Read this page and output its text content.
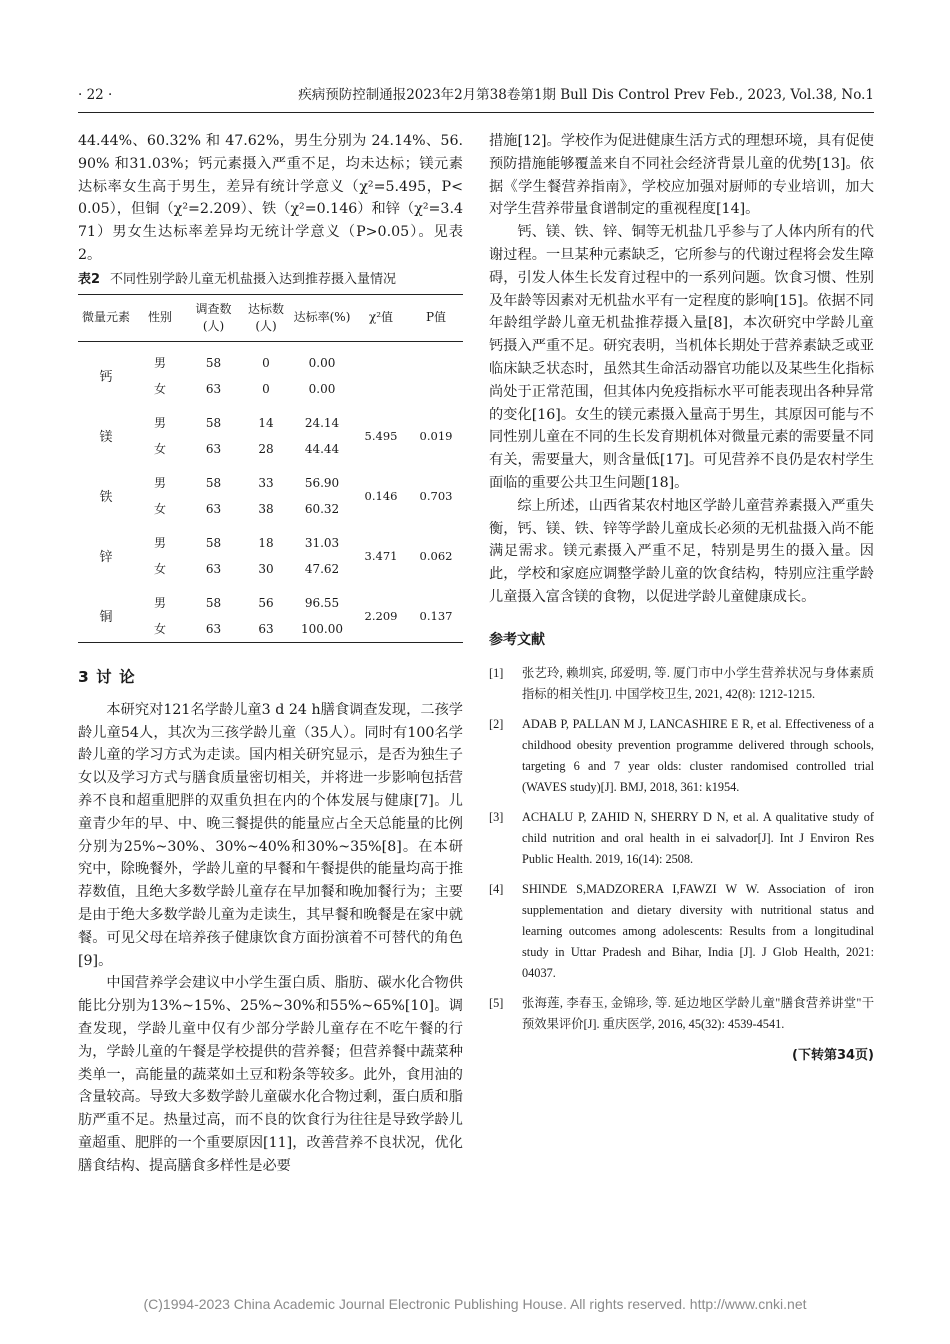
· 22 ·	疾病预防控制通报2023年2月第38卷第1期 Bull Dis Control Prev Feb., 2023, Vol.38, No.1

44.44%、60.32% 和 47.62%，男生分别为 24.14%、56.90% 和31.03%；钙元素摄入严重不足，均未达标；镁元素达标率女生高于男生，差异有统计学意义（χ²=5.495，P<0.05），但铜（χ²=2.209）、铁（χ²=0.146）和锌（χ²=3.471）男女生达标率差异均无统计学意义（P>0.05）。见表2。

表2 不同性别学龄儿童无机盐摄入达到推荐摄入量情况
微量元素	性别	调查数(人)	达标数(人)	达标率(%)	χ²值	P值

钙	男	58	0	0.00		
	女	63	0	0.00		

镁	男	58	14	24.14	5.495	0.019
	女	63	28	44.44		

铁	男	58	33	56.90	0.146	0.703
	女	63	38	60.32		

锌	男	58	18	31.03	3.471	0.062
	女	63	30	47.62		

铜	男	58	56	96.55	2.209	0.137
	女	63	63	100.00		
3 讨 论

本研究对121名学龄儿童3 d 24 h膳食调查发现，二孩学龄儿童54人，其次为三孩学龄儿童（35人）。同时有100名学龄儿童的学习方式为走读。国内相关研究显示，是否为独生子女以及学习方式与膳食质量密切相关，并将进一步影响包括营养不良和超重肥胖的双重负担在内的个体发展与健康[7]。儿童青少年的早、中、晚三餐提供的能量应占全天总能量的比例分别为25%~30%、30%~40%和30%~35%[8]。在本研究中，除晚餐外，学龄儿童的早餐和午餐提供的能量均高于推荐数值，且绝大多数学龄儿童存在早加餐和晚加餐行为；主要是由于绝大多数学龄儿童为走读生，其早餐和晚餐是在家中就餐。可见父母在培养孩子健康饮食方面扮演着不可替代的角色[9]。

中国营养学会建议中小学生蛋白质、脂肪、碳水化合物供能比分别为13%~15%、25%~30%和55%~65%[10]。调查发现，学龄儿童中仅有少部分学龄儿童存在不吃午餐的行为，学龄儿童的午餐是学校提供的营养餐；但营养餐中蔬菜种类单一，高能量的蔬菜如土豆和粉条等较多。此外，食用油的含量较高。导致大多数学龄儿童碳水化合物过剩，蛋白质和脂肪严重不足。热量过高，而不良的饮食行为往往是导致学龄儿童超重、肥胖的一个重要原因[11]，改善营养不良状况，优化膳食结构、提高膳食多样性是必要

措施[12]。学校作为促进健康生活方式的理想环境，具有促使预防措施能够覆盖来自不同社会经济背景儿童的优势[13]。依据《学生餐营养指南》，学校应加强对厨师的专业培训，加大对学生营养带量食谱制定的重视程度[14]。

钙、镁、铁、锌、铜等无机盐几乎参与了人体内所有的代谢过程。一旦某种元素缺乏，它所参与的代谢过程将会发生障碍，引发人体生长发育过程中的一系列问题。饮食习惯、性别及年龄等因素对无机盐水平有一定程度的影响[15]。依据不同年龄组学龄儿童无机盐推荐摄入量[8]，本次研究中学龄儿童钙摄入严重不足。研究表明，当机体长期处于营养素缺乏或亚临床缺乏状态时，虽然其生命活动器官功能以及某些生化指标尚处于正常范围，但其体内免疫指标水平可能表现出各种异常的变化[16]。女生的镁元素摄入量高于男生，其原因可能与不同性别儿童在不同的生长发育期机体对微量元素的需要量不同有关，需要量大，则含量低[17]。可见营养不良仍是农村学生面临的重要公共卫生问题[18]。

综上所述，山西省某农村地区学龄儿童营养素摄入严重失衡，钙、镁、铁、锌等学龄儿童成长必须的无机盐摄入尚不能满足需求。镁元素摄入严重不足，特别是男生的摄入量。因此，学校和家庭应调整学龄儿童的饮食结构，特别应注重学龄儿童摄入富含镁的食物，以促进学龄儿童健康成长。

参考文献
[1] 张艺玲, 赖圳宾, 邱爱明, 等. 厦门市中小学生营养状况与身体素质指标的相关性[J]. 中国学校卫生, 2021, 42(8): 1212-1215.
[2] ADAB P, PALLAN M J, LANCASHIRE E R, et al. Effectiveness of a childhood obesity prevention programme delivered through schools, targeting 6 and 7 year olds: cluster randomised controlled trial (WAVES study)[J]. BMJ, 2018, 361: k1954.
[3] ACHALU P, ZAHID N, SHERRY D N, et al. A qualitative study of child nutrition and oral health in ei salvador[J]. Int J Environ Res Public Health. 2019, 16(14): 2508.
[4] SHINDE S,MADZORERA I,FAWZI W W. Association of iron supplementation and dietary diversity with nutritional status and learning outcomes among adolescents: Results from a longitudinal study in Uttar Pradesh and Bihar, India [J]. J Glob Health, 2021: 04037.
[5] 张海莲, 李春玉, 金锦珍, 等. 延边地区学龄儿童"膳食营养讲堂"干预效果评价[J]. 重庆医学, 2016, 45(32): 4539-4541.
(下转第34页)
(C)1994-2023 China Academic Journal Electronic Publishing House. All rights reserved. http://www.cnki.net
